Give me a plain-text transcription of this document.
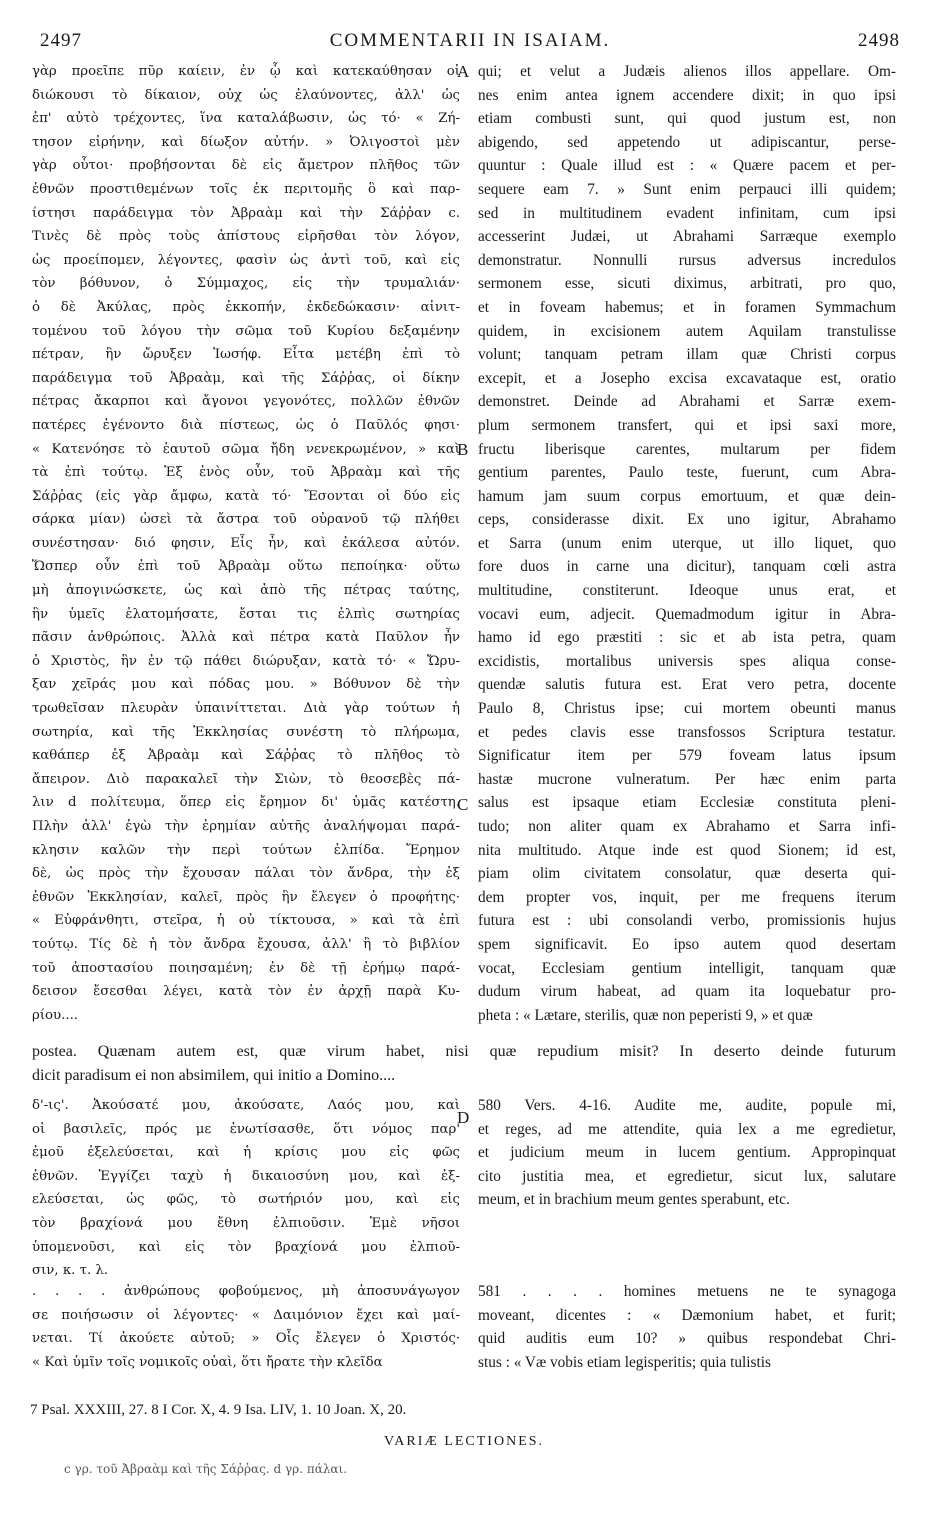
2497	COMMENTARII IN ISAIAM.	2498
γὰρ προεῖπε πῦρ καίειν, ἐν ᾧ καὶ κατεκαύθησαν οἱ
διώκουσι τὸ δίκαιον, οὐχ ὡς ἐλαύνοντες, ἀλλ' ὡς
ἐπ' αὐτὸ τρέχοντες, ἵνα καταλάβωσιν, ὡς τό· « Ζή-
τησον εἰρήνην, καὶ δίωξον αὐτήν. » Ὀλιγοστοὶ μὲν
γὰρ οὗτοι· προβήσονται δὲ εἰς ἄμετρον πλῆθος τῶν
ἐθνῶν προστιθεμένων τοῖς ἐκ περιτομῆς ὃ καὶ παρ-
ίστησι παράδειγμα τὸν Ἀβραὰμ καὶ τὴν Σάῤῥαν c.
Τινὲς δὲ πρὸς τοὺς ἀπίστους εἰρῆσθαι τὸν λόγον,
ὡς προείπομεν, λέγοντες, φασὶν ὡς ἀντὶ τοῦ, καὶ εἰς
τὸν βόθυνον, ὁ Σύμμαχος, εἰς τὴν τρυμαλιάν·
ὁ δὲ Ἀκύλας, πρὸς ἐκκοπήν, ἐκδεδώκασιν· αἰνιτ-
τομένου τοῦ λόγου τὴν σῶμα τοῦ Κυρίου δεξαμένην
πέτραν, ἣν ὤρυξεν Ἰωσήφ. Εἶτα μετέβη ἐπὶ τὸ
παράδειγμα τοῦ Ἀβραὰμ, καὶ τῆς Σάῤῥας, οἱ δίκην
πέτρας ἄκαρποι καὶ ἄγονοι γεγονότες, πολλῶν ἐθνῶν
πατέρες ἐγένοντο διὰ πίστεως, ὡς ὁ Παῦλός φησι·
« Κατενόησε τὸ ἑαυτοῦ σῶμα ἤδη νενεκρωμένον, » καὶ
τὰ ἐπὶ τούτῳ. Ἐξ ἑνὸς οὖν, τοῦ Ἀβραὰμ καὶ τῆς
Σάῤῥας (εἰς γὰρ ἄμφω, κατὰ τό· Ἔσονται οἱ δύο εἰς
σάρκα μίαν) ὡσεὶ τὰ ἄστρα τοῦ οὐρανοῦ τῷ πλήθει
συνέστησαν· διό φησιν, Εἷς ἦν, καὶ ἐκάλεσα αὐτόν.
Ὥσπερ οὖν ἐπὶ τοῦ Ἀβραὰμ οὕτω πεποίηκα· οὕτω
μὴ ἀπογινώσκετε, ὡς καὶ ἀπὸ τῆς πέτρας ταύτης,
ἣν ὑμεῖς ἐλατομήσατε, ἔσται τις ἐλπὶς σωτηρίας
πᾶσιν ἀνθρώποις. Ἀλλὰ καὶ πέτρα κατὰ Παῦλον ἦν
ὁ Χριστὸς, ἣν ἐν τῷ πάθει διώρυξαν, κατὰ τό· « Ὤρυ-
ξαν χεῖράς μου καὶ πόδας μου. » Βόθυνον δὲ τὴν
τρωθεῖσαν πλευρὰν ὑπαινίττεται. Διὰ γὰρ τούτων ἡ
σωτηρία, καὶ τῆς Ἐκκλησίας συνέστη τὸ πλήρωμα,
καθάπερ ἐξ Ἀβραὰμ καὶ Σάῤῥας τὸ πλῆθος τὸ
ἄπειρον. Διὸ παρακαλεῖ τὴν Σιὼν, τὸ θεοσεβὲς πά-
λιν d πολίτευμα, ὅπερ εἰς ἔρημον δι' ὑμᾶς κατέστη.
Πλὴν ἀλλ' ἐγὼ τὴν ἐρημίαν αὐτῆς ἀναλήψομαι παρά-
κλησιν καλῶν τὴν περὶ τούτων ἐλπίδα. Ἔρημον
δὲ, ὡς πρὸς τὴν ἔχουσαν πάλαι τὸν ἄνδρα, τὴν ἐξ
ἐθνῶν Ἐκκλησίαν, καλεῖ, πρὸς ἣν ἔλεγεν ὁ προφήτης·
« Εὐφράνθητι, στεῖρα, ἡ οὐ τίκτουσα, » καὶ τὰ ἐπὶ
τούτῳ. Τίς δὲ ἡ τὸν ἄνδρα ἔχουσα, ἀλλ' ἢ τὸ βιβλίον
τοῦ ἀποστασίου ποιησαμένη; ἐν δὲ τῇ ἐρήμῳ παρά-
δεισον ἔσεσθαι λέγει, κατὰ τὸν ἐν ἀρχῇ παρὰ Κυ-
ρίου....
qui; et velut a Judæis alienos illos appellare. Om-
nes enim antea ignem accendere dixit; in quo ipsi
etiam combusti sunt, qui quod justum est, non
abigendo, sed appetendo ut adipiscantur, perse-
quuntur : Quale illud est : « Quære pacem et per-
sequere eam 7. » Sunt enim perpauci illi quidem;
sed in multitudinem evadent infinitam, cum ipsi
accesserint Judæi, ut Abrahami Sarræque exemplo
demonstratur. Nonnulli rursus adversus incredulos
sermonem esse, sicuti diximus, arbitrati, pro quo,
et in foveam habemus; et in foramen Symmachum
quidem, in excisionem autem Aquilam transtulisse
volunt; tanquam petram illam quæ Christi corpus
excepit, et a Josepho excisa excavataque est, oratio
demonstret. Deinde ad Abrahami et Sarræ exem-
plum sermonem transfert, qui et ipsi saxi more,
fructu liberisque carentes, multarum per fidem
gentium parentes, Paulo teste, fuerunt, cum Abra-
hamum jam suum corpus emortuum, et quæ dein-
ceps, considerasse dixit. Ex uno igitur, Abrahamo
et Sarra (unum enim uterque, ut illo liquet, quo
fore duos in carne una dicitur), tanquam cœli astra
multitudine, constiterunt. Ideoque unus erat, et
vocavi eum, adjecit. Quemadmodum igitur in Abra-
hamo id ego præstiti : sic et ab ista petra, quam
excidistis, mortalibus universis spes aliqua conse-
quendæ salutis futura est. Erat vero petra, docente
Paulo 8, Christus ipse; cui mortem obeunti manus
et pedes clavis esse transfossos Scriptura testatur.
Significatur item per 579 foveam latus ipsum
hastæ mucrone vulneratum. Per hæc enim parta
salus est ipsaque etiam Ecclesiæ constituta pleni-
tudo; non aliter quam ex Abrahamo et Sarra infi-
nita multitudo. Atque inde est quod Sionem; id est,
piam olim civitatem consolatur, quæ deserta qui-
dem propter vos, inquit, per me frequens iterum
futura est : ubi consolandi verbo, promissionis hujus
spem significavit. Eo ipso autem quod desertam
vocat, Ecclesiam gentium intelligit, tanquam quæ
dudum virum habeat, ad quam ita loquebatur pro-
pheta : « Lætare, sterilis, quæ non peperisti 9, » et quæ
A
B
C
D
postea. Quænam autem est, quæ virum habet, nisi quæ repudium misit? In deserto deinde futurum
dicit paradisum ei non absimilem, qui initio a Domino....
δ'-ις'. Ἀκούσατέ μου, ἀκούσατε, Λαός μου, καὶ
οἱ βασιλεῖς, πρός με ἐνωτίσασθε, ὅτι νόμος παρ'
ἐμοῦ ἐξελεύσεται, καὶ ἡ κρίσις μου εἰς φῶς
ἐθνῶν. Ἐγγίζει ταχὺ ἡ δικαιοσύνη μου, καὶ ἐξ-
ελεύσεται, ὡς φῶς, τὸ σωτήριόν μου, καὶ εἰς
τὸν βραχίονά μου ἔθνη ἐλπιοῦσιν. Ἐμὲ νῆσοι
ὑπομενοῦσι, καὶ εἰς τὸν βραχίονά μου ἐλπιοῦ-
σιν, κ. τ. λ.
580 Vers. 4-16. Audite me, audite, popule mi,
et reges, ad me attendite, quia lex a me egredietur,
et judicium meum in lucem gentium. Appropinquat
cito justitia mea, et egredietur, sicut lux, salutare
meum, et in brachium meum gentes sperabunt, etc.
. . . . ἀνθρώπους φοβούμενος, μὴ ἀποσυνάγωγον
σε ποιήσωσιν οἱ λέγοντες· « Δαιμόνιον ἔχει καὶ μαί-
νεται. Τί ἀκούετε αὐτοῦ; » Οἷς ἔλεγεν ὁ Χριστός·
« Καὶ ὑμῖν τοῖς νομικοῖς οὐαὶ, ὅτι ἤρατε τὴν κλεῖδα
581 . . . . homines metuens ne te synagoga
moveant, dicentes : « Dæmonium habet, et furit;
quid auditis eum 10? » quibus respondebat Chri-
stus : « Væ vobis etiam legisperitis; quia tulistis
7 Psal. XXXIII, 27. 8 I Cor. X, 4. 9 Isa. LIV, 1. 10 Joan. X, 20.
VARIÆ LECTIONES.
c γρ. τοῦ Ἀβραὰμ καὶ τῆς Σάῤῥας. d γρ. πάλαι.
